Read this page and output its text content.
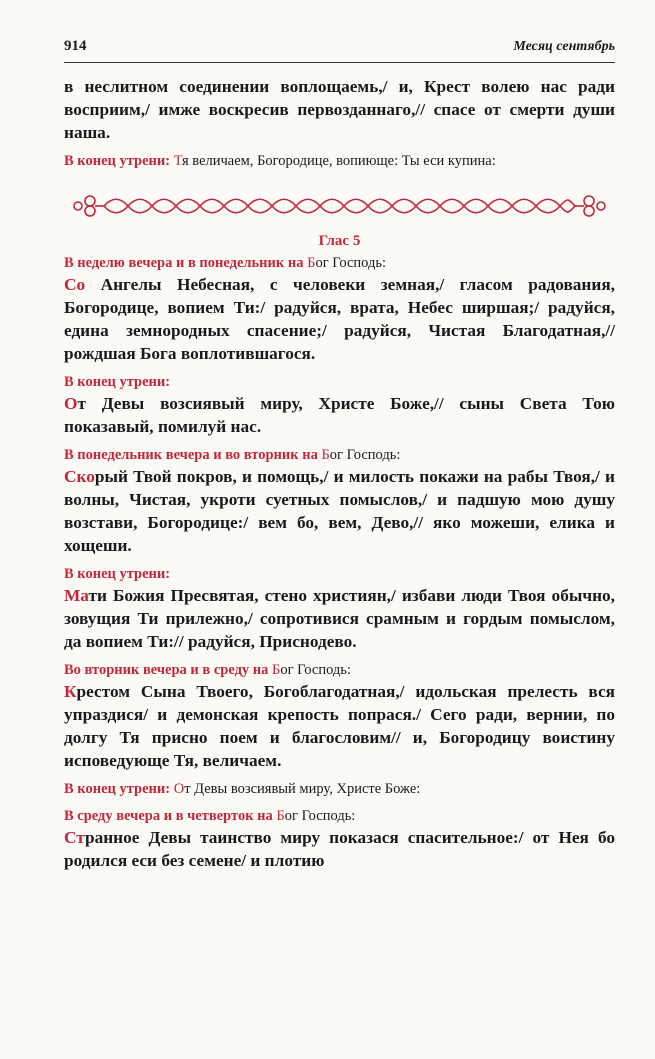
914	Месяц сентябрь

в неслитном соединении воплощаемь,/ и, Крест волею нас ради восприим,/ имже воскресив первозданнаго,// спасе от смерти души наша.

В конец утрени: Тя величаем, Богородице, вопиюще: Ты еси купина:

Глас 5

В неделю вечера и в понедельник на Бог Господь:

Со Ангелы Небесная, с человеки земная,/ гласом радования, Богородице, вопием Ти:/ радуйся, врата, Небес ширшая;/ радуйся, едина земнородных спасение;/ радуйся, Чистая Благодатная,// рождшая Бога воплотившагося.

В конец утрени:

От Девы возсиявый миру, Христе Боже,// сыны Света Тою показавый, помилуй нас.

В понедельник вечера и во вторник на Бог Господь:

Скорый Твой покров, и помощь,/ и милость покажи на рабы Твоя,/ и волны, Чистая, укроти суетных помыслов,/ и падшую мою душу возстави, Богородице:/ вем бо, вем, Дево,// яко можеши, елика и хощеши.

В конец утрени:

Мати Божия Пресвятая, стено християн,/ избави люди Твоя обычно, зовущия Ти прилежно,/ сопротивися срамным и гордым помыслом, да вопием Ти:// радуйся, Приснодево.

Во вторник вечера и в среду на Бог Господь:

Крестом Сына Твоего, Богоблагодатная,/ идольская прелесть вся упраздися/ и демонская крепость попрася./ Сего ради, вернии, по долгу Тя присно поем и благословим// и, Богородицу воистину исповедующе Тя, величаем.

В конец утрени: От Девы возсиявый миру, Христе Боже:

В среду вечера и в четверток на Бог Господь:

Странное Девы таинство миру показася спасительное:/ от Нея бо родился еси без семене/ и плотию
